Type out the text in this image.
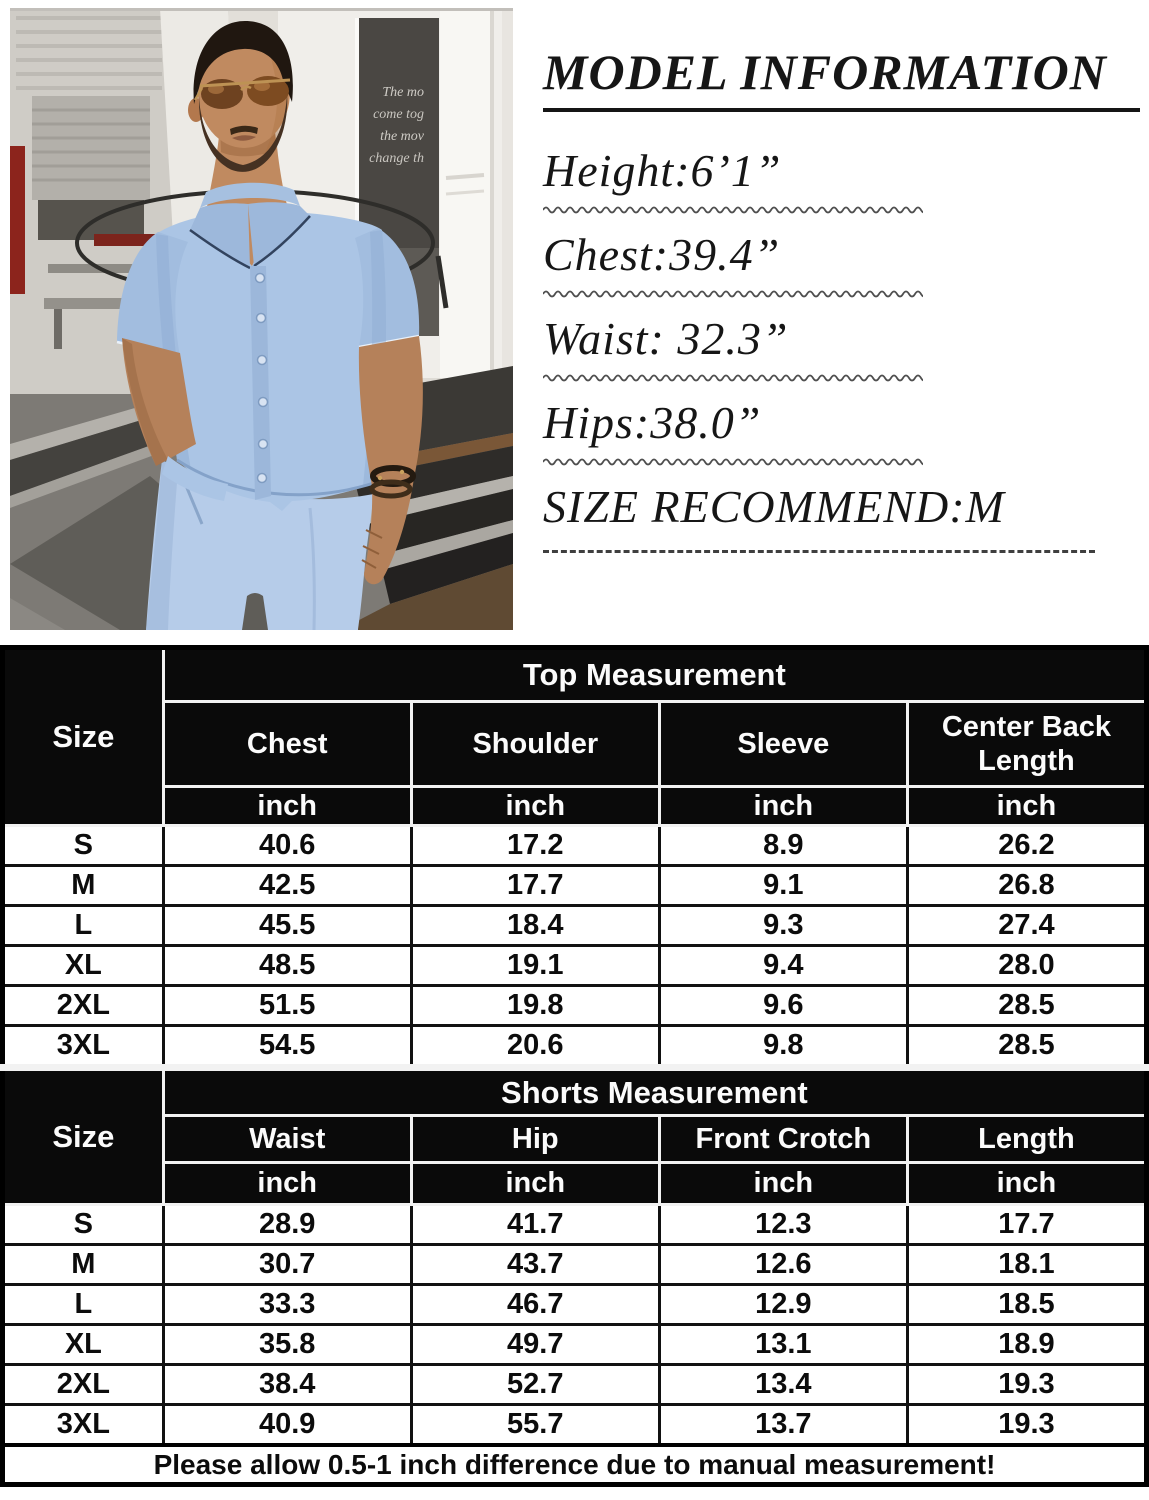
The mo
come tog
the mov
change th
MODEL INFORMATION
Height:6’1”
Chest:39.4”
Waist: 32.3”
Hips:38.0”
SIZE RECOMMEND:M
Size	Top Measurement			
	Chest	Shoulder	Sleeve	Center Back Length
	inch	inch	inch	inch
S	40.6	17.2	8.9	26.2
M	42.5	17.7	9.1	26.8
L	45.5	18.4	9.3	27.4
XL	48.5	19.1	9.4	28.0
2XL	51.5	19.8	9.6	28.5
3XL	54.5	20.6	9.8	28.5
Size	Shorts Measurement			
	Waist	Hip	Front Crotch	Length
	inch	inch	inch	inch
S	28.9	41.7	12.3	17.7
M	30.7	43.7	12.6	18.1
L	33.3	46.7	12.9	18.5
XL	35.8	49.7	13.1	18.9
2XL	38.4	52.7	13.4	19.3
3XL	40.9	55.7	13.7	19.3
Please allow 0.5-1 inch difference due to manual measurement!				
